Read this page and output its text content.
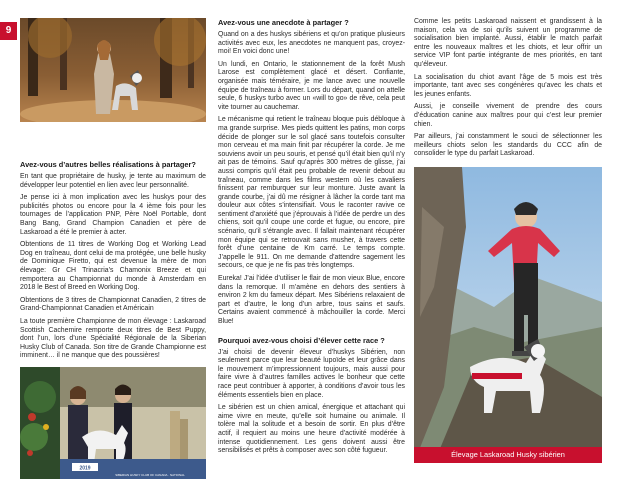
9
Avez-vous d’autres belles réalisations à partager?

En tant que propriétaire de husky, je tente au maximum de développer leur potentiel en lien avec leur personnalité.

Je pense ici à mon implication avec les huskys pour des publicités photos ou encore pour la 4 ième fois pour les tournages de l’application PNP, Père Noël Portable, dont Bang Bang, Grand Champion Canadien et père de Laskaroad a été le premier à acter.

Obtentions de 11 titres de Working Dog et Working Lead Dog en traîneau, dont celui de ma protégée, une belle husky de Dominique Firetto, qui est devenue la mère de mon élevage: Gr CH Trinacria’s Chamonix Breeze et qui remportera au Championnat du monde à Amsterdam en 2018 le Best of Breed en Working Dog.

Obtentions de 3 titres de Championnat Canadien, 2 titres de Grand-Championnat Canadien et Américain

La toute première Championne de mon élevage : Laskaroad Scottish Cachemire remporte deux titres de Best Puppy, dont l’un, lors d’une Spécialité Régionale de la Siberian Husky Club of Canada. Son titre de Grande Championne est imminent… il ne manque que des poussières!

2019
SIBERIAN HUSKY CLUB OF CANADA · NATIONAL
Avez-vous une anecdote à partager ?

Quand on a des huskys sibériens et qu’on pratique plusieurs activités avec eux, les anecdotes ne manquent pas, croyez-moi! En voici donc une!

Un lundi, en Ontario, le stationnement de la forêt Mush Larose est complètement glacé et désert. Confiante, organisée mais téméraire, je me lance avec une nouvelle équipe de traîneau à former. Lors du départ, quand on attelle seule, 6 huskys turbo avec un «will to go» de rêve, cela peut vite tourner au cauchemar.

Le mécanisme qui retient le traîneau bloque puis débloque à ma grande surprise. Mes pieds quittent les patins, mon corps décide de plonger sur le sol glacé sans toutefois consulter mon cerveau et ma main finit par récupérer la corde. Je me souviens avoir un peu souris, et pensé qu’il était bien qu’il n’y ait pas de témoins. Sauf qu’après 300 mètres de glisse, j’ai aussi compris qu’il était peu probable de revenir debout au traîneau, comme dans les films western où les cavaliers finissent par remburquer sur leur monture. Juste avant la grande courbe, j’ai dû me résigner à lâcher la corde tant ma douleur aux côtes s’intensifiait. Vous le raconter ravive ce sentiment d’anxiété que j’éprouvais à l’idée de perdre un des chiens, soit qu’il coupe une corde et fugue, ou encore, pire scénario, qu’il s’étrangle avec. Il fallait maintenant récupérer mon équipe qui se retrouvait sans musher, à travers cette forêt d’une centaine de Km carré. Le temps compte. J’appelle le 911. On me demande d’attendre sagement les secours, ce que je ne fis pas très longtemps.

Eureka! J’ai l’idée d’utiliser le flair de mon vieux Blue, encore dans la remorque. Il m’amène en dehors des sentiers à environ 2 km du fameux départ. Mes Sibériens relaxaient de part et d’autre, le long d’un arbre, tous sains et saufs. Certains avaient commencé à mâchouiller la corde. Merci Blue!

Pourquoi avez-vous choisi d’élever cette race ?

J’ai choisi de devenir éleveur d’huskys Sibérien, non seulement parce que leur beauté lupoïde et leur grâce dans le mouvement m’impressionnent toujours, mais aussi pour faire vivre à d’autres familles actives le bonheur que cette race peut contribuer à apporter, à conditions d’avoir tous les éléments essentiels bien en place.

Le sibérien est un chien amical, énergique et attachant qui aime vivre en meute, qu’elle soit humaine ou animale. Il tolère mal la solitude et a besoin de sortir. En plus d’être actif, il requiert au moins une heure d’activité modérée à intense quotidiennement. Les gens doivent aussi être sensibilisés et prêts à composer avec son côté fugueur.

Comme les petits Laskaroad naissent et grandissent à la maison, cela va de soi qu’ils suivent un programme de socialisation bien implanté. Aussi, établir le match parfait entre les nouveaux maîtres et les chiots, et leur offrir un service VIP font partie intégrante de mes priorités, en tant qu’éleveur.

La socialisation du chiot avant l’âge de 5 mois est très importante, tant avec ses congénères qu’avec les chats et les jeunes enfants.

Aussi, je conseille vivement de prendre des cours d’éducation canine aux maîtres pour qui c’est leur premier chien.

Par ailleurs, j’ai constamment le souci de sélectionner les meilleurs chiots selon les standards du CCC afin de consolider le type du parfait Laskaroad.

Élevage Laskaroad Husky sibérien
